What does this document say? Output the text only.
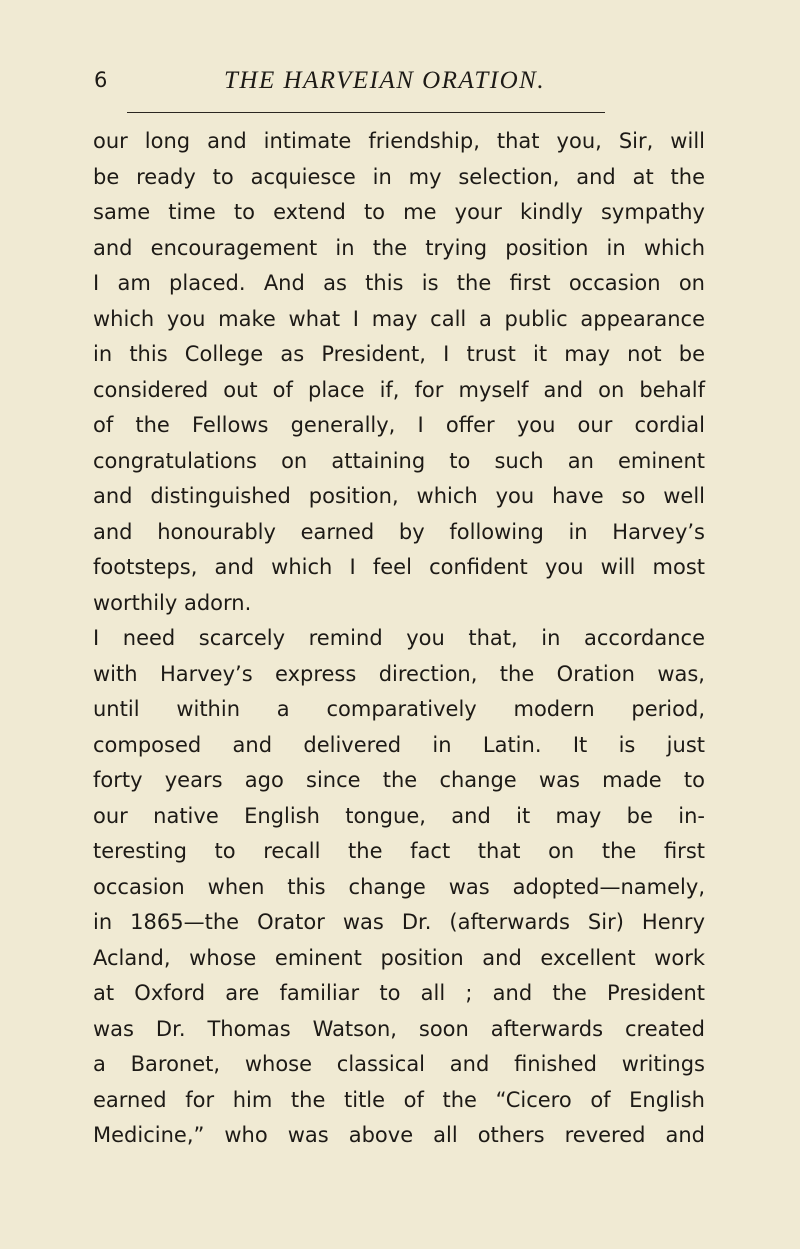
6	THE HARVEIAN ORATION.
our long and intimate friendship, that you, Sir, will
be ready to acquiesce in my selection, and at the
same time to extend to me your kindly sympathy
and encouragement in the trying position in which
I am placed. And as this is the first occasion on
which you make what I may call a public appearance
in this College as President, I trust it may not be
considered out of place if, for myself and on behalf
of the Fellows generally, I offer you our cordial
congratulations on attaining to such an eminent
and distinguished position, which you have so well
and honourably earned by following in Harvey’s
footsteps, and which I feel confident you will most
worthily adorn.
I need scarcely remind you that, in accordance
with Harvey’s express direction, the Oration was,
until within a comparatively modern period,
composed and delivered in Latin. It is just
forty years ago since the change was made to
our native English tongue, and it may be in-
teresting to recall the fact that on the first
occasion when this change was adopted—namely,
in 1865—the Orator was Dr. (afterwards Sir) Henry
Acland, whose eminent position and excellent work
at Oxford are familiar to all ; and the President
was Dr. Thomas Watson, soon afterwards created
a Baronet, whose classical and finished writings
earned for him the title of the “Cicero of English
Medicine,” who was above all others revered and
